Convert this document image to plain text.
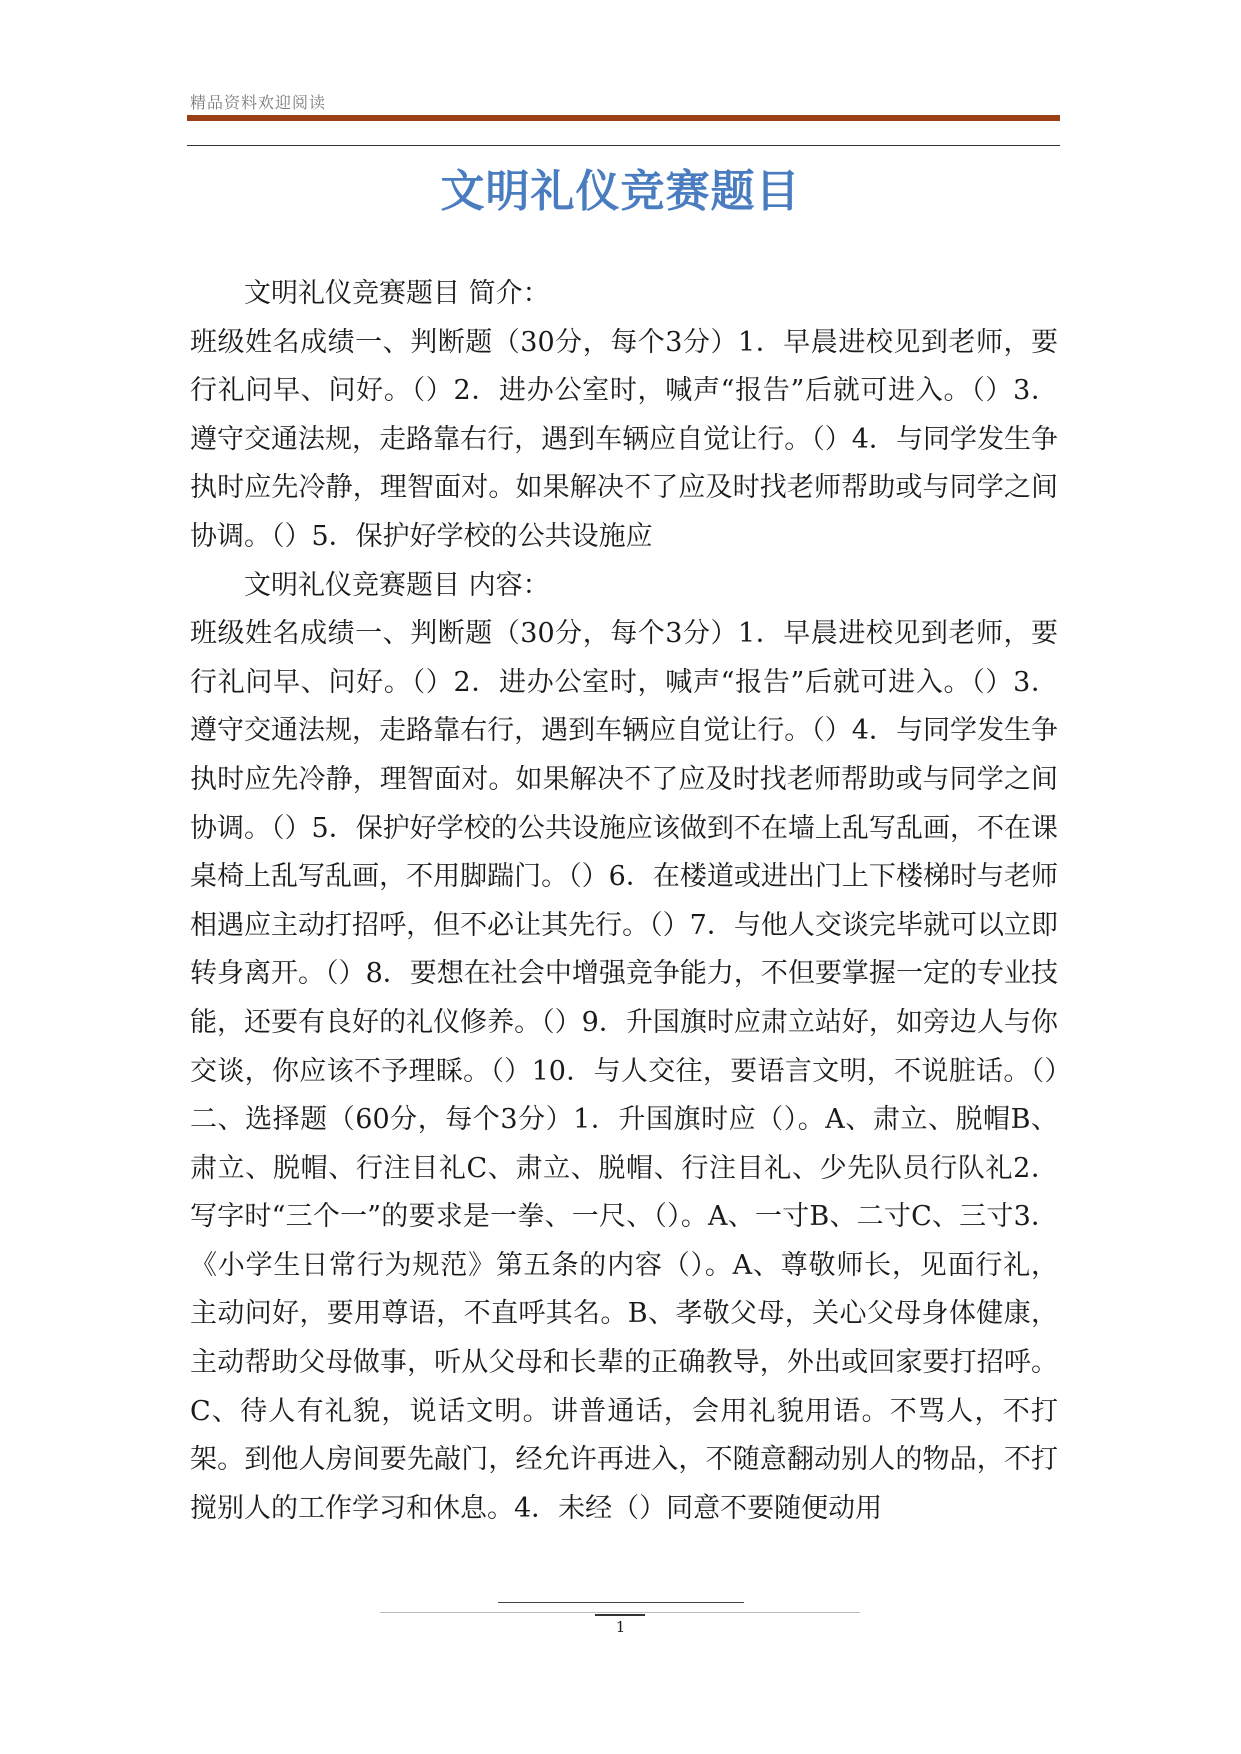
精品资料欢迎阅读
文明礼仪竞赛题目

文明礼仪竞赛题目 简介：

班级姓名成绩一、判断题（30分，每个3分）1．早晨进校见到老师，要行礼问早、问好。（）2．进办公室时，喊声“报告”后就可进入。（）3．遵守交通法规，走路靠右行，遇到车辆应自觉让行。（）4．与同学发生争执时应先冷静，理智面对。如果解决不了应及时找老师帮助或与同学之间协调。（）5．保护好学校的公共设施应

文明礼仪竞赛题目 内容：

班级姓名成绩一、判断题（30分，每个3分）1．早晨进校见到老师，要行礼问早、问好。（）2．进办公室时，喊声“报告”后就可进入。（）3．遵守交通法规，走路靠右行，遇到车辆应自觉让行。（）4．与同学发生争执时应先冷静，理智面对。如果解决不了应及时找老师帮助或与同学之间协调。（）5．保护好学校的公共设施应该做到不在墙上乱写乱画，不在课桌椅上乱写乱画，不用脚踹门。（）6．在楼道或进出门上下楼梯时与老师相遇应主动打招呼，但不必让其先行。（）7．与他人交谈完毕就可以立即转身离开。（）8．要想在社会中增强竞争能力，不但要掌握一定的专业技能，还要有良好的礼仪修养。（）9．升国旗时应肃立站好，如旁边人与你交谈，你应该不予理睬。（）10．与人交往，要语言文明，不说脏话。（）二、选择题（60分，每个3分）1．升国旗时应（）。A、肃立、脱帽B、肃立、脱帽、行注目礼C、肃立、脱帽、行注目礼、少先队员行队礼2．写字时“三个一”的要求是一拳、一尺、（）。A、一寸B、二寸C、三寸3．《小学生日常行为规范》第五条的内容（）。A、尊敬师长，见面行礼，主动问好，要用尊语，不直呼其名。B、孝敬父母，关心父母身体健康，主动帮助父母做事，听从父母和长辈的正确教导，外出或回家要打招呼。C、待人有礼貌，说话文明。讲普通话，会用礼貌用语。不骂人，不打架。到他人房间要先敲门，经允许再进入，不随意翻动别人的物品，不打搅别人的工作学习和休息。4．未经（）同意不要随便动用

1
